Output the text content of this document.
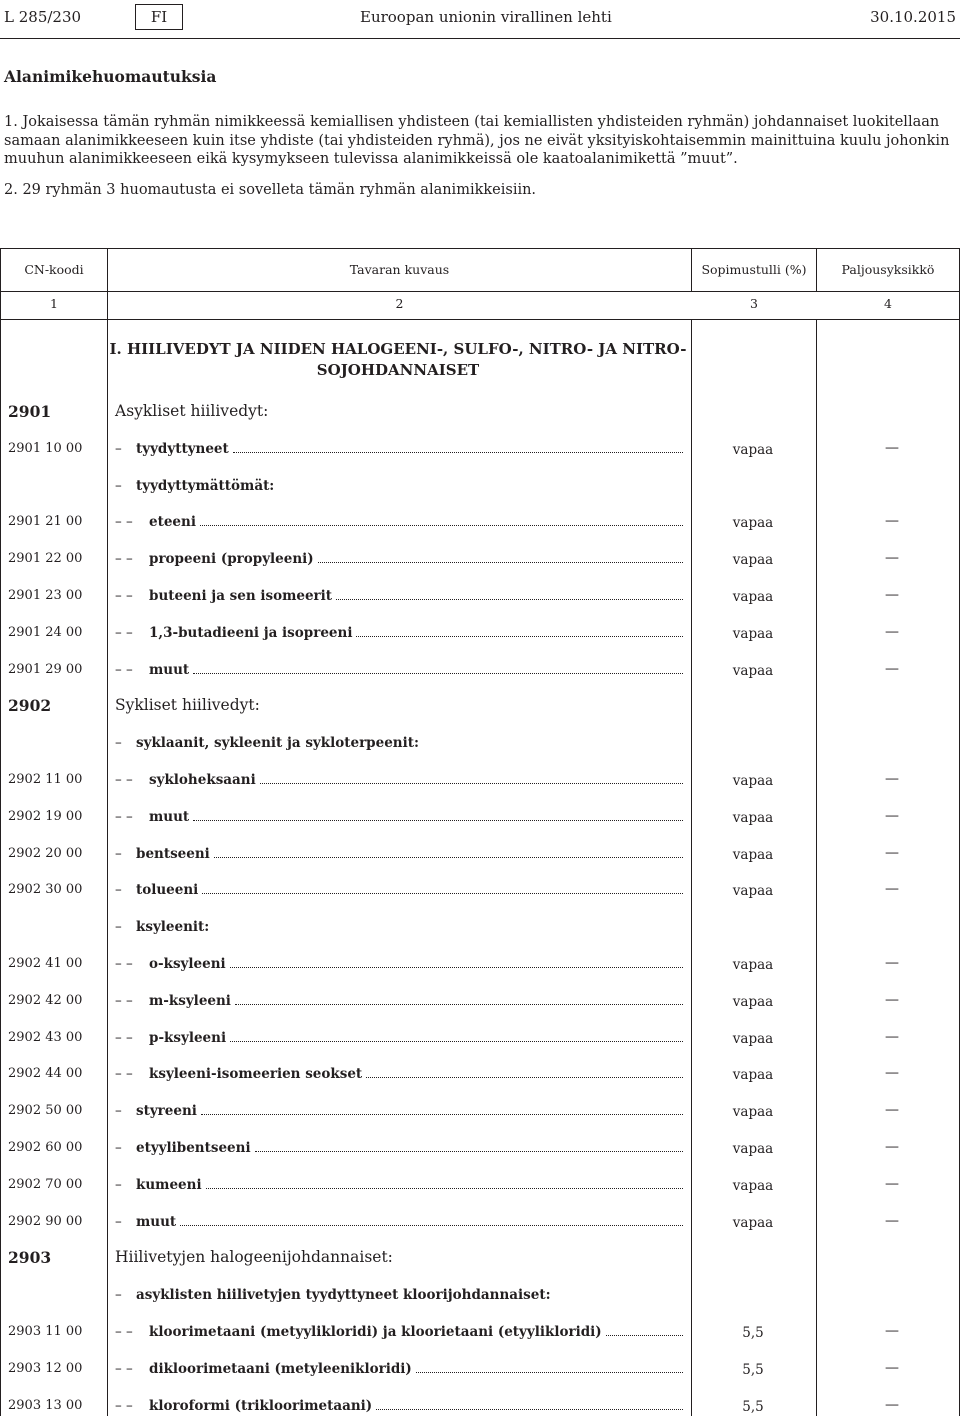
L 285/230	FI	Euroopan unionin virallinen lehti	30.10.2015
Alanimikehuomautuksia

1. Jokaisessa tämän ryhmän nimikkeessä kemiallisen yhdisteen (tai kemiallisten yhdisteiden ryhmän) johdannaiset luokitellaan samaan alanimikkeeseen kuin itse yhdiste (tai yhdisteiden ryhmä), jos ne eivät yksityiskohtaisemmin mainittuina kuulu johonkin muuhun alanimikkeeseen eikä kysymykseen tulevissa alanimikkeissä ole kaatoalanimikettä ”muut”.

2. 29 ryhmän 3 huomautusta ei sovelleta tämän ryhmän alanimikkeisiin.

CN-koodi	Tavaran kuvaus	Sopimustulli (%)	Paljousyksikkö
1	2	3	4
I. HIILIVEDYT JA NIIDEN HALOGEENI-, SULFO-, NITRO- JA NITRO-SOJOHDANNAISET
2901	Asykliset hiilivedyt:
2901 10 00 –	tyydyttyneet	vapaa	—
–	tyydyttymättömät:
2901 21 00 – –	eteeni	vapaa	—
2901 22 00 – –	propeeni (propyleeni)	vapaa	—
2901 23 00 – –	buteeni ja sen isomeerit	vapaa	—
2901 24 00 – –	1,3-butadieeni ja isopreeni	vapaa	—
2901 29 00 – –	muut	vapaa	—
2902	Sykliset hiilivedyt:
–	syklaanit, sykleenit ja sykloterpeenit:
2902 11 00 – –	sykloheksaani	vapaa	—
2902 19 00 – –	muut	vapaa	—
2902 20 00 –	bentseeni	vapaa	—
2902 30 00 –	tolueeni	vapaa	—
–	ksyleenit:
2902 41 00 – –	o-ksyleeni	vapaa	—
2902 42 00 – –	m-ksyleeni	vapaa	—
2902 43 00 – –	p-ksyleeni	vapaa	—
2902 44 00 – –	ksyleeni-isomeerien seokset	vapaa	—
2902 50 00 –	styreeni	vapaa	—
2902 60 00 –	etyylibentseeni	vapaa	—
2902 70 00 –	kumeeni	vapaa	—
2902 90 00 –	muut	vapaa	—
2903	Hiilivetyjen halogeenijohdannaiset:
–	asyklisten hiilivetyjen tyydyttyneet kloorijohdannaiset:
2903 11 00 – –	kloorimetaani (metyylikloridi) ja kloorietaani (etyylikloridi)	5,5	—
2903 12 00 – –	dikloorimetaani (metyleenikloridi)	5,5	—
2903 13 00 – –	kloroformi (trikloorimetaani)	5,5	—
